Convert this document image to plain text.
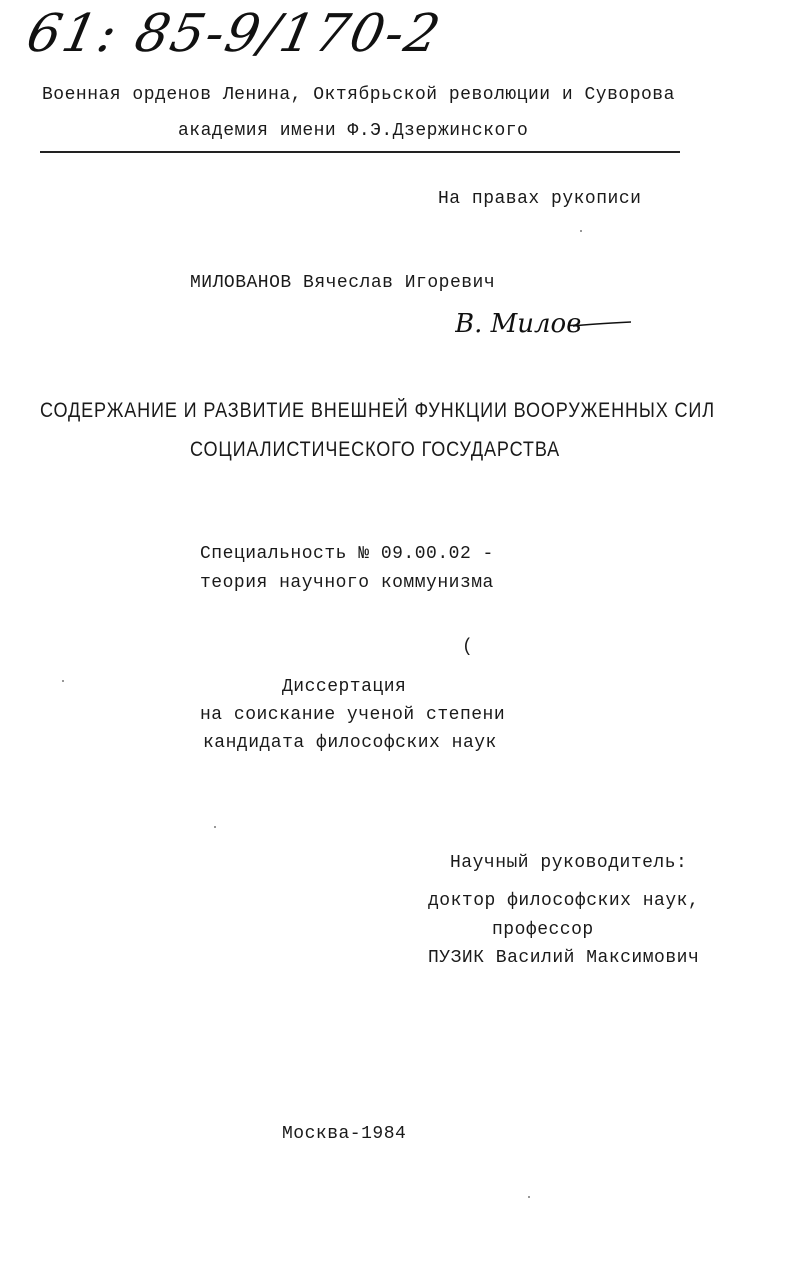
61: 85-9/170-2
Военная орденов Ленина, Октябрьской революции и Суворова
академия имени Ф.Э.Дзержинского
На правах рукописи
МИЛОВАНОВ Вячеслав Игоревич
В. Милов
СОДЕРЖАНИЕ И РАЗВИТИЕ ВНЕШНЕЙ ФУНКЦИИ ВООРУЖЕННЫХ СИЛ
СОЦИАЛИСТИЧЕСКОГО ГОСУДАРСТВА
Специальность № 09.00.02 -
теория научного коммунизма
(
Диссертация
на соискание ученой степени
кандидата философских наук
Научный руководитель:
доктор философских наук,
профессор
ПУЗИК Василий Максимович
Москва-1984
